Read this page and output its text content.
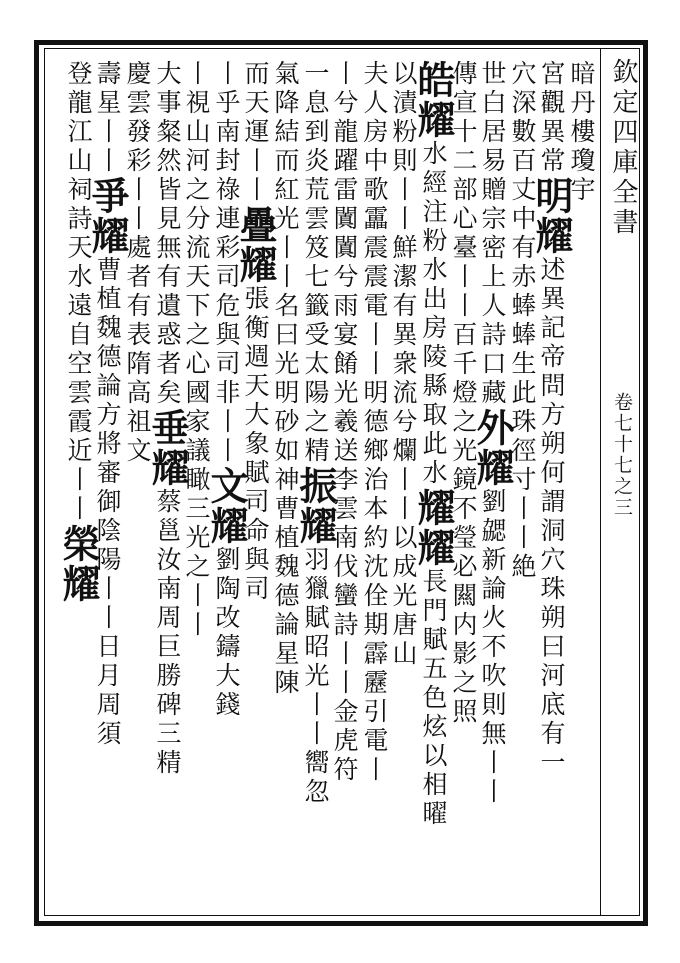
欽定四庫全書
卷七十七之三
暗丹樓瓊宇
宮觀異常明耀述異記帝問方朔何謂洞穴珠朔曰河底有一
穴深數百丈中有赤蜯蜯生此珠徑寸丨丨絶
世白居易贈宗密上人詩口藏外耀劉勰新論火不吹則無丨丨
傳宣十二部心臺丨丨百千燈之光鏡不瑩必闗内影之照
皓耀水經注粉水出房陵縣取此水耀耀長門賦五色炫以相曜
以漬粉則丨丨鮮潔有異衆流兮爛丨丨以成光唐山
夫人房中歌靁震震電丨丨明德鄉治本約沈佺期霹靂引電丨
丨兮龍躍雷闐闐兮雨宴餚光羲送李雲南伐蠻詩丨丨金虎符
一息到炎荒雲笈七籤受太陽之精振耀羽獵賦昭光丨丨嚮忽
氣降結而紅光丨丨名曰光明砂如神曹植魏德論星陳
而天運丨丨疊耀張衡週天大象賦司命與司
丨乎南封祿連彩司危與司非丨丨文耀劉陶改鑄大錢
丨視山河之分流天下之心國家議瞰三光之丨丨
大事粲然皆見無有遺惑者矣垂耀蔡邕汝南周巨勝碑三精
慶雲發彩丨丨處者有表隋高祖文
壽星丨丨爭耀曹植魏德論方將審御陰陽丨丨日月周須
登龍江山祠詩天水遠自空雲霞近丨丨榮耀
